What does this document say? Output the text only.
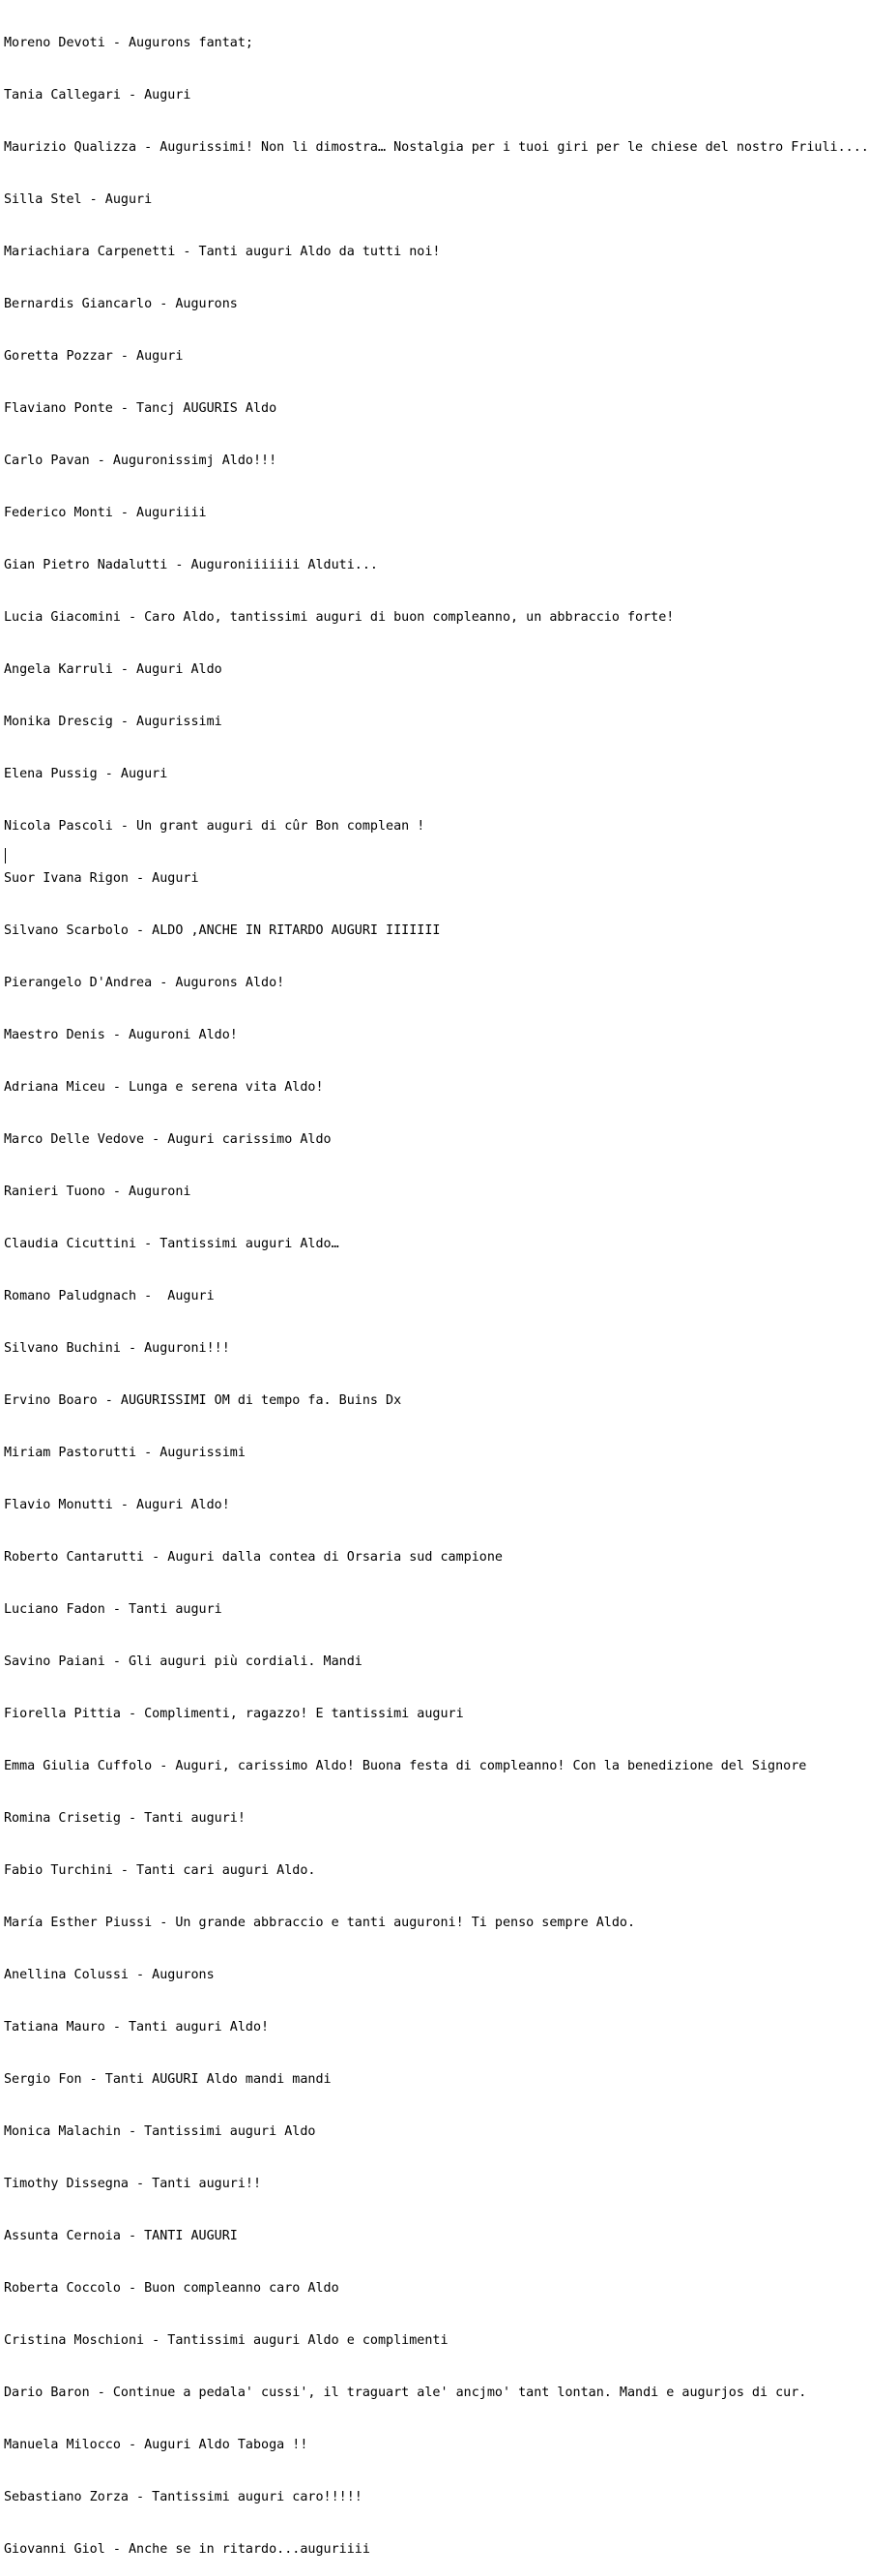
Moreno Devoti - Augurons fantat;

Tania Callegari - Auguri

Maurizio Qualizza - Augurissimi! Non li dimostra… Nostalgia per i tuoi giri per le chiese del nostro Friuli....

Silla Stel - Auguri

Mariachiara Carpenetti - Tanti auguri Aldo da tutti noi!

Bernardis Giancarlo - Augurons

Goretta Pozzar - Auguri

Flaviano Ponte - Tancj AUGURIS Aldo

Carlo Pavan - Auguronissimj Aldo!!!

Federico Monti - Auguriiii

Gian Pietro Nadalutti - Auguroniiiiiii Alduti...

Lucia Giacomini - Caro Aldo, tantissimi auguri di buon compleanno, un abbraccio forte!

Angela Karruli - Auguri Aldo

Monika Drescig - Augurissimi

Elena Pussig - Auguri

Nicola Pascoli - Un grant auguri di cûr Bon complean !

Suor Ivana Rigon - Auguri

Silvano Scarbolo - ALDO ,ANCHE IN RITARDO AUGURI IIIIIII

Pierangelo D'Andrea - Augurons Aldo!

Maestro Denis - Auguroni Aldo!

Adriana Miceu - Lunga e serena vita Aldo!

Marco Delle Vedove - Auguri carissimo Aldo

Ranieri Tuono - Auguroni

Claudia Cicuttini - Tantissimi auguri Aldo…

Romano Paludgnach -  Auguri

Silvano Buchini - Auguroni!!!

Ervino Boaro - AUGURISSIMI OM di tempo fa. Buins Dx

Miriam Pastorutti - Augurissimi

Flavio Monutti - Auguri Aldo!

Roberto Cantarutti - Auguri dalla contea di Orsaria sud campione

Luciano Fadon - Tanti auguri

Savino Paiani - Gli auguri più cordiali. Mandi

Fiorella Pittia - Complimenti, ragazzo! E tantissimi auguri

Emma Giulia Cuffolo - Auguri, carissimo Aldo! Buona festa di compleanno! Con la benedizione del Signore

Romina Crisetig - Tanti auguri!

Fabio Turchini - Tanti cari auguri Aldo.

María Esther Piussi - Un grande abbraccio e tanti auguroni! Ti penso sempre Aldo.

Anellina Colussi - Augurons

Tatiana Mauro - Tanti auguri Aldo!

Sergio Fon - Tanti AUGURI Aldo mandi mandi

Monica Malachin - Tantissimi auguri Aldo

Timothy Dissegna - Tanti auguri!!

Assunta Cernoia - TANTI AUGURI

Roberta Coccolo - Buon compleanno caro Aldo

Cristina Moschioni - Tantissimi auguri Aldo e complimenti

Dario Baron - Continue a pedala' cussi', il traguart ale' ancjmo' tant lontan. Mandi e augurjos di cur.

Manuela Milocco - Auguri Aldo Taboga !!

Sebastiano Zorza - Tantissimi auguri caro!!!!!

Giovanni Giol - Anche se in ritardo...auguriiii
